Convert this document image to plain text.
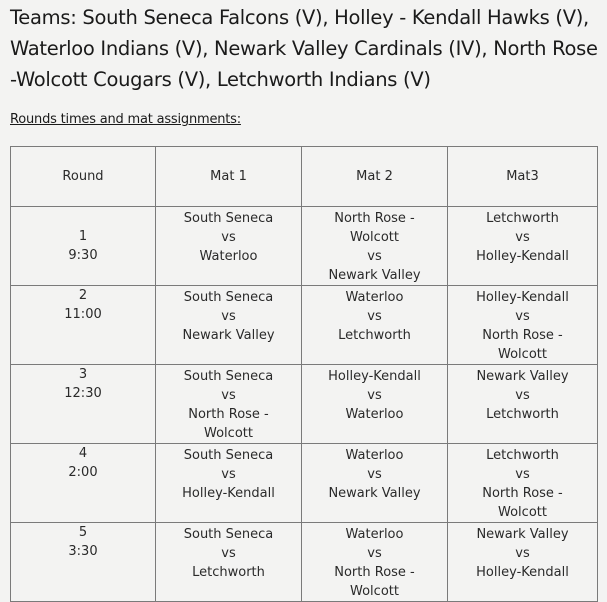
Teams: South Seneca Falcons (V), Holley - Kendall Hawks (V), Waterloo Indians (V), Newark Valley Cardinals (IV), North Rose -Wolcott Cougars (V), Letchworth Indians (V)
Rounds times and mat assignments:
Round	Mat 1	Mat 2	Mat3

1
9:30	South Seneca
vs
Waterloo	North Rose -
Wolcott
vs
Newark Valley	Letchworth
vs
Holley-Kendall

2
11:00	South Seneca
vs
Newark Valley	Waterloo
vs
Letchworth	Holley-Kendall
vs
North Rose -
Wolcott

3
12:30	South Seneca
vs
North Rose -
Wolcott	Holley-Kendall
vs
Waterloo	Newark Valley
vs
Letchworth

4
2:00	South Seneca
vs
Holley-Kendall	Waterloo
vs
Newark Valley	Letchworth
vs
North Rose -
Wolcott

5
3:30	South Seneca
vs
Letchworth	Waterloo
vs
North Rose -
Wolcott	Newark Valley
vs
Holley-Kendall
